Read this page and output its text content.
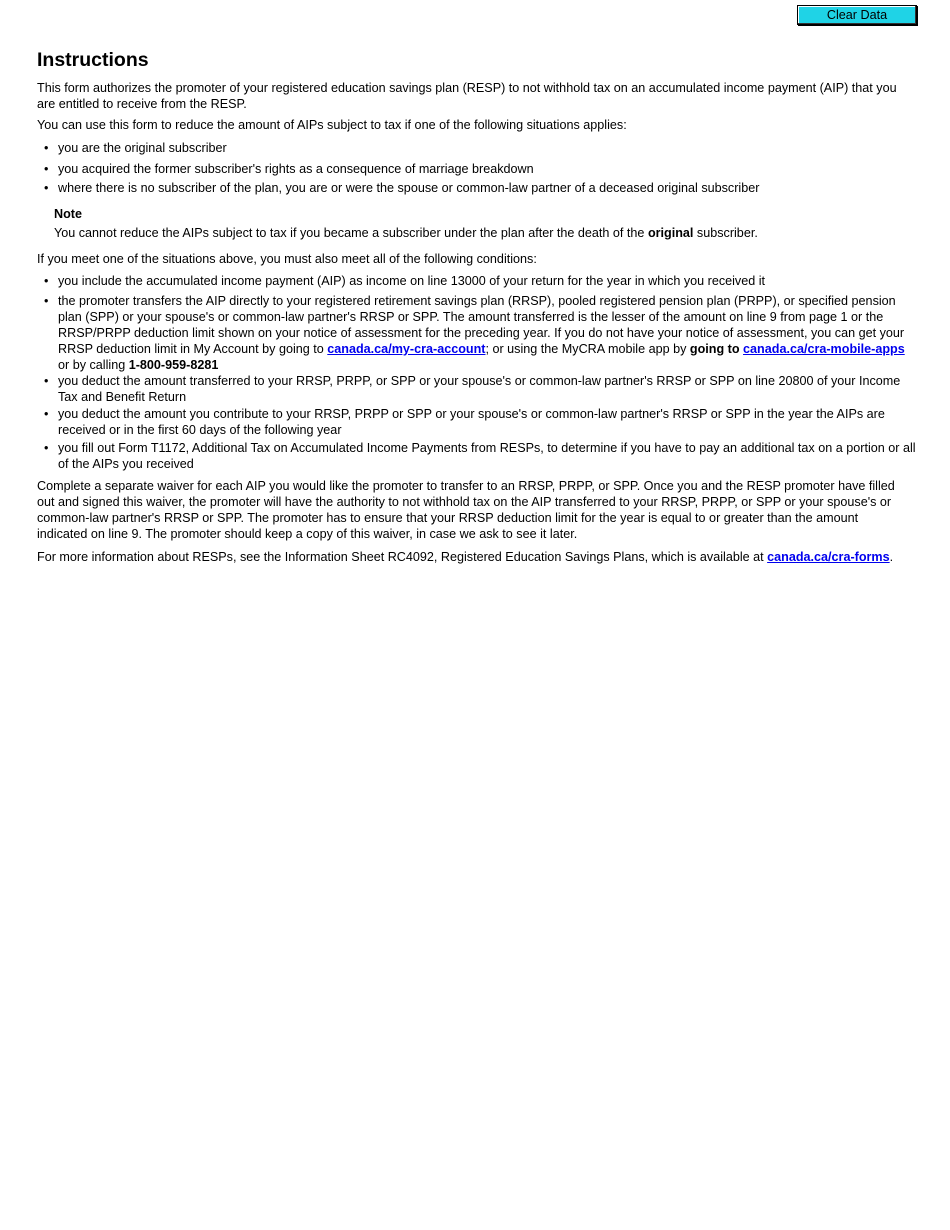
Clear Data
Instructions
This form authorizes the promoter of your registered education savings plan (RESP) to not withhold tax on an accumulated income payment (AIP) that you are entitled to receive from the RESP.
You can use this form to reduce the amount of AIPs subject to tax if one of the following situations applies:
• you are the original subscriber
• you acquired the former subscriber's rights as a consequence of marriage breakdown
• where there is no subscriber of the plan, you are or were the spouse or common-law partner of a deceased original subscriber
Note
You cannot reduce the AIPs subject to tax if you became a subscriber under the plan after the death of the original subscriber.
If you meet one of the situations above, you must also meet all of the following conditions:
• you include the accumulated income payment (AIP) as income on line 13000 of your return for the year in which you received it
• the promoter transfers the AIP directly to your registered retirement savings plan (RRSP), pooled registered pension plan (PRPP), or specified pension plan (SPP) or your spouse's or common-law partner's RRSP or SPP. The amount transferred is the lesser of the amount on line 9 from page 1 or the RRSP/PRPP deduction limit shown on your notice of assessment for the preceding year. If you do not have your notice of assessment, you can get your RRSP deduction limit in My Account by going to canada.ca/my-cra-account; or using the MyCRA mobile app by going to canada.ca/cra-mobile-apps or by calling 1-800-959-8281
• you deduct the amount transferred to your RRSP, PRPP, or SPP or your spouse's or common-law partner's RRSP or SPP on line 20800 of your Income Tax and Benefit Return
• you deduct the amount you contribute to your RRSP, PRPP or SPP or your spouse's or common-law partner's RRSP or SPP in the year the AIPs are received or in the first 60 days of the following year
• you fill out Form T1172, Additional Tax on Accumulated Income Payments from RESPs, to determine if you have to pay an additional tax on a portion or all of the AIPs you received
Complete a separate waiver for each AIP you would like the promoter to transfer to an RRSP, PRPP, or SPP. Once you and the RESP promoter have filled out and signed this waiver, the promoter will have the authority to not withhold tax on the AIP transferred to your RRSP, PRPP, or SPP or your spouse's or common-law partner's RRSP or SPP. The promoter has to ensure that your RRSP deduction limit for the year is equal to or greater than the amount indicated on line 9. The promoter should keep a copy of this waiver, in case we ask to see it later.
For more information about RESPs, see the Information Sheet RC4092, Registered Education Savings Plans, which is available at canada.ca/cra-forms.
